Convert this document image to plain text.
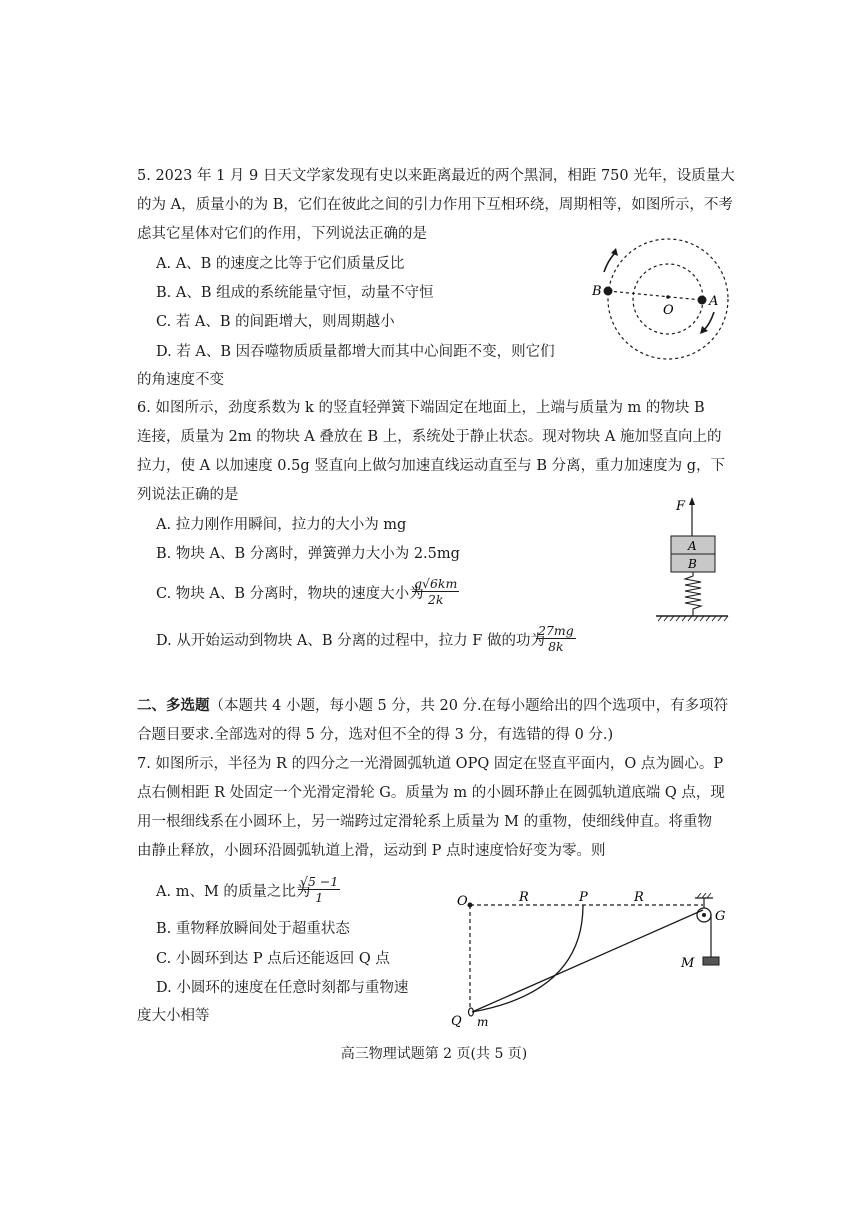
5. 2023 年 1 月 9 日天文学家发现有史以来距离最近的两个黑洞，相距 750 光年，设质量大
的为 A，质量小的为 B，它们在彼此之间的引力作用下互相环绕，周期相等，如图所示，不考
虑其它星体对它们的作用，下列说法正确的是
A. A、B 的速度之比等于它们质量反比
B. A、B 组成的系统能量守恒，动量不守恒
C. 若 A、B 的间距增大，则周期越小
D. 若 A、B 因吞噬物质质量都增大而其中心间距不变，则它们
的角速度不变
B
A
O
6. 如图所示，劲度系数为 k 的竖直轻弹簧下端固定在地面上，上端与质量为 m 的物块 B
连接，质量为 2m 的物块 A 叠放在 B 上，系统处于静止状态。现对物块 A 施加竖直向上的
拉力，使 A 以加速度 0.5g 竖直向上做匀加速直线运动直至与 B 分离，重力加速度为 g，下
列说法正确的是
A. 拉力刚作用瞬间，拉力的大小为 mg
B. 物块 A、B 分离时，弹簧弹力大小为 2.5mg
C. 物块 A、B 分离时，物块的速度大小为
$\frac{g√6km}{2k}$
D. 从开始运动到物块 A、B 分离的过程中，拉力 F 做的功为
$\frac{27mg}{8k}$
F
A
B
二、多选题（本题共 4 小题，每小题 5 分，共 20 分.在每小题给出的四个选项中，有多项符
合题目要求.全部选对的得 5 分，选对但不全的得 3 分，有选错的得 0 分.)
7. 如图所示，半径为 R 的四分之一光滑圆弧轨道 OPQ 固定在竖直平面内，O 点为圆心。P
点右侧相距 R 处固定一个光滑定滑轮 G。质量为 m 的小圆环静止在圆弧轨道底端 Q 点，现
用一根细线系在小圆环上，另一端跨过定滑轮系上质量为 M 的重物，使细线伸直。将重物
由静止释放，小圆环沿圆弧轨道上滑，运动到 P 点时速度恰好变为零。则
A. m、M 的质量之比为
$\frac{√5 -1}{1}$
B. 重物释放瞬间处于超重状态
C. 小圆环到达 P 点后还能返回 Q 点
D. 小圆环的速度在任意时刻都与重物速
度大小相等
O	R	P	R
G
M
Q m
高三物理试题第 2 页(共 5 页)
